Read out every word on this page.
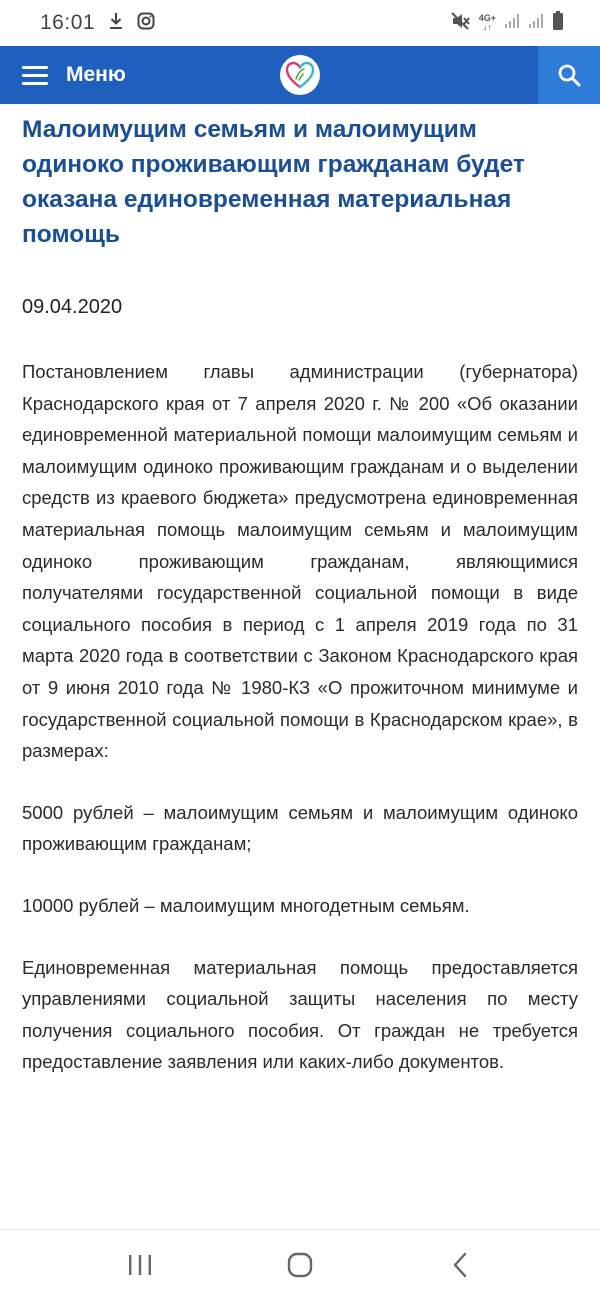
16:01	4G+
↓↑
Меню
Малоимущим семьям и малоимущим одиноко проживающим гражданам будет оказана единовременная материальная помощь
09.04.2020

Постановлением главы администрации (губернатора) Краснодарского края от 7 апреля 2020 г. № 200 «Об оказании единовременной материальной помощи малоимущим семьям и малоимущим одиноко проживающим гражданам и о выделении средств из краевого бюджета» предусмотрена единовременная материальная помощь малоимущим семьям и малоимущим одиноко проживающим гражданам, являющимися получателями государственной социальной помощи в виде социального пособия в период с 1 апреля 2019 года по 31 марта 2020 года в соответствии с Законом Краснодарского края от 9 июня 2010 года № 1980-КЗ «О прожиточном минимуме и государственной социальной помощи в Краснодарском крае», в размерах:

5000 рублей – малоимущим семьям и малоимущим одиноко проживающим гражданам;

10000 рублей – малоимущим многодетным семьям.

Единовременная материальная помощь предоставляется управлениями социальной защиты населения по месту получения социального пособия. От граждан не требуется предоставление заявления или каких-либо документов.
